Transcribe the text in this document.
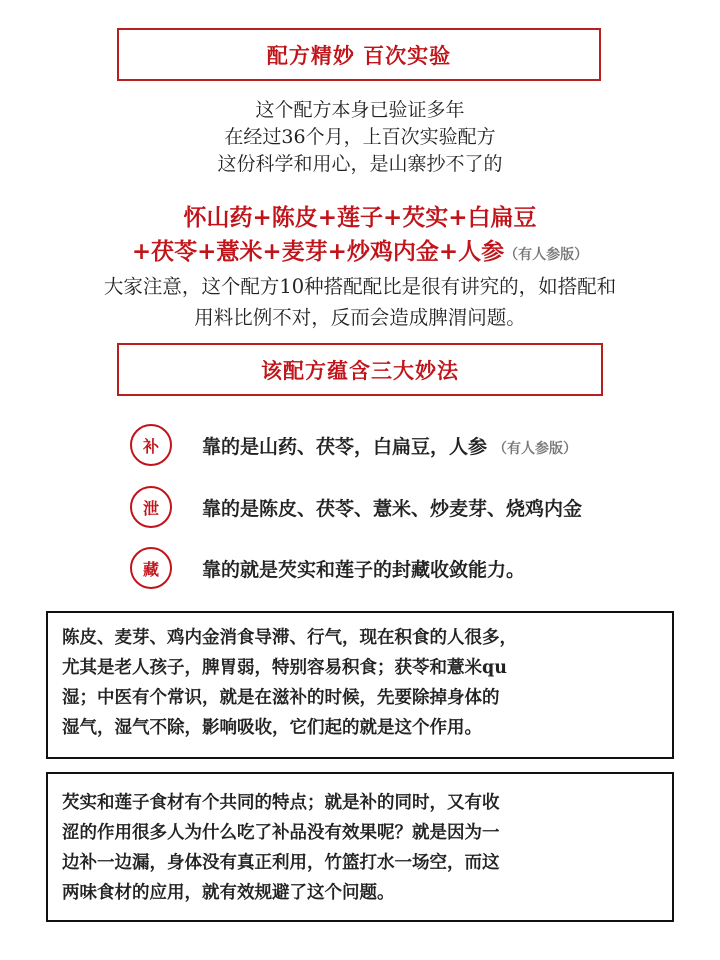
配方精妙 百次实验
这个配方本身已验证多年
在经过36个月，上百次实验配方
这份科学和用心，是山寨抄不了的
怀山药+陈皮+莲子+芡实+白扁豆
+茯苓+薏米+麦芽+炒鸡内金+人参（有人参版）
大家注意，这个配方10种搭配配比是很有讲究的，如搭配和
用料比例不对，反而会造成脾渭问题。
该配方蕴含三大妙法
补	靠的是山药、茯苓，白扁豆，人参 （有人参版）
泄	靠的是陈皮、茯苓、薏米、炒麦芽、烧鸡内金
藏	靠的就是芡实和莲子的封藏收敛能力。
陈皮、麦芽、鸡内金消食导滞、行气，现在积食的人很多，
尤其是老人孩子，脾胃弱，特别容易积食；获苓和薏米qu
湿；中医有个常识，就是在滋补的时候，先要除掉身体的
湿气，湿气不除，影响吸收，它们起的就是这个作用。
芡实和莲子食材有个共同的特点；就是补的同时，又有收
涩的作用很多人为什么吃了补品没有效果呢？就是因为一
边补一边漏，身体没有真正利用，竹篮打水一场空，而这
两味食材的应用，就有效规避了这个问题。
